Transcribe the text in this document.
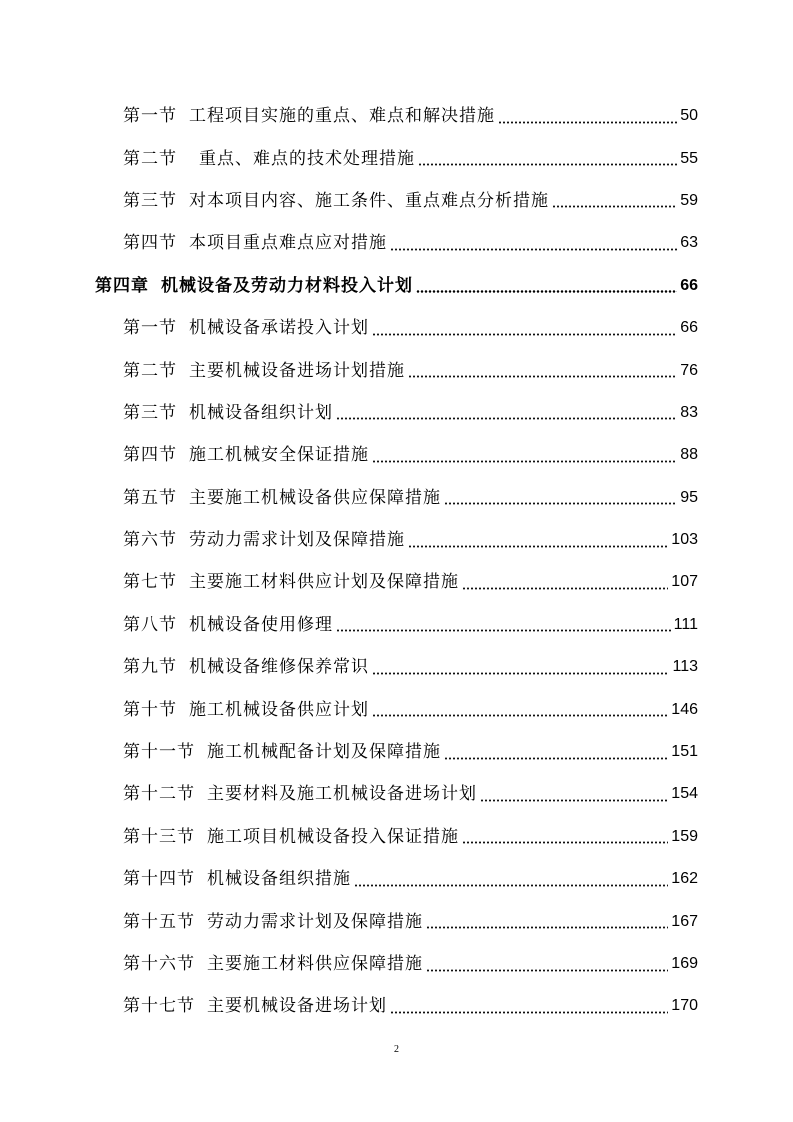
第一节 工程项目实施的重点、难点和解决措施	50
第二节 重点、难点的技术处理措施	55
第三节 对本项目内容、施工条件、重点难点分析措施	59
第四节 本项目重点难点应对措施	63
第四章 机械设备及劳动力材料投入计划	66
第一节 机械设备承诺投入计划	66
第二节 主要机械设备进场计划措施	76
第三节 机械设备组织计划	83
第四节 施工机械安全保证措施	88
第五节 主要施工机械设备供应保障措施	95
第六节 劳动力需求计划及保障措施	103
第七节 主要施工材料供应计划及保障措施	107
第八节 机械设备使用修理	111
第九节 机械设备维修保养常识	113
第十节 施工机械设备供应计划	146
第十一节 施工机械配备计划及保障措施	151
第十二节 主要材料及施工机械设备进场计划	154
第十三节 施工项目机械设备投入保证措施	159
第十四节 机械设备组织措施	162
第十五节 劳动力需求计划及保障措施	167
第十六节 主要施工材料供应保障措施	169
第十七节 主要机械设备进场计划	170
2
